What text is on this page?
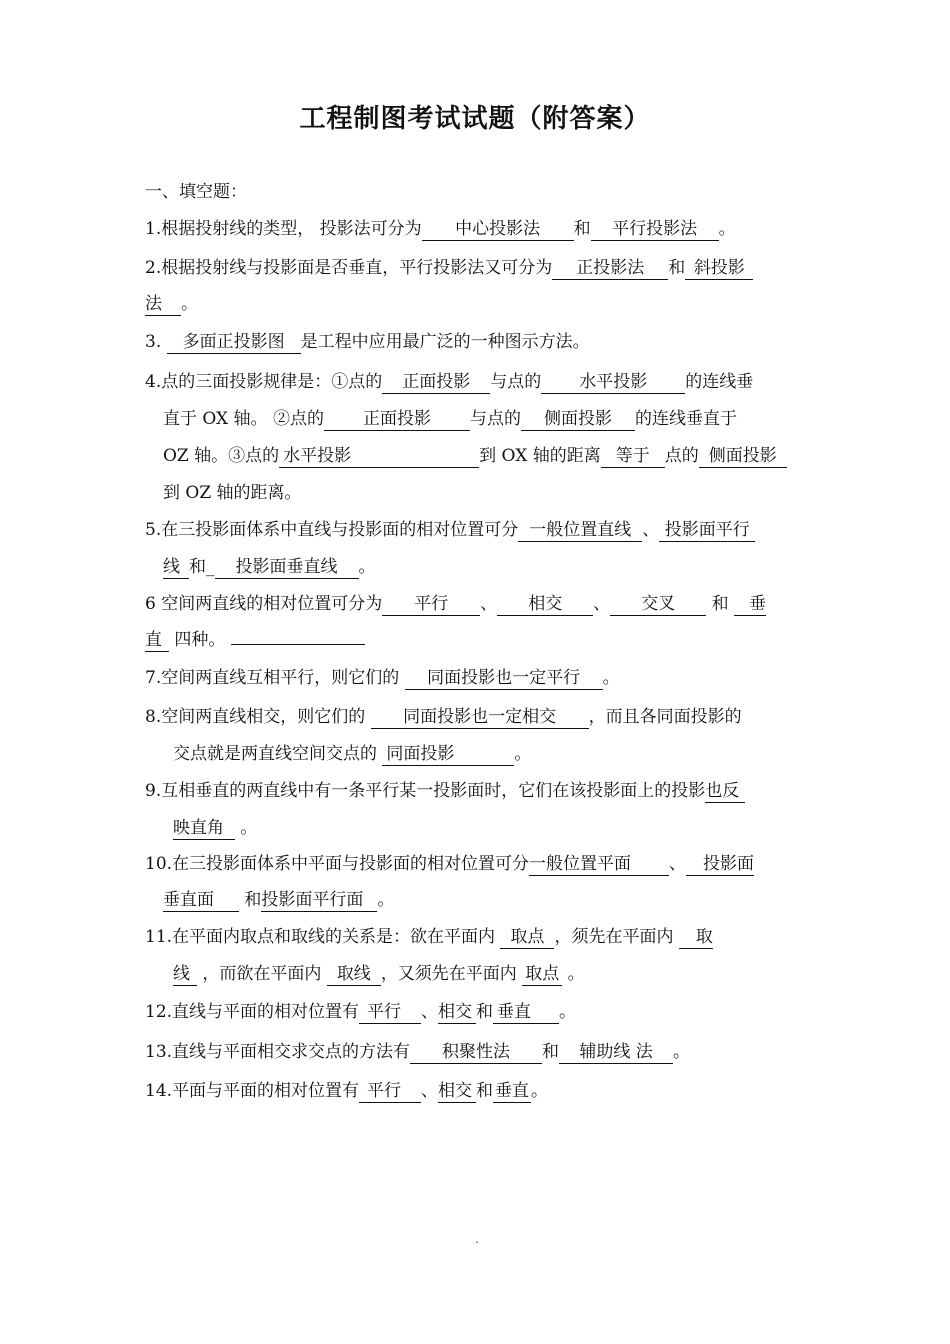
工程制图考试试题（附答案）
一、填空题：
1.根据投射线的类型， 投影法可分为 中心投影法 和 平行投影法 。
2.根据投射线与投影面是否垂直，平行投影法又可分为 正投影法 和 斜投影
法 。
3. 多面正投影图 是工程中应用最广泛的一种图示方法。
4.点的三面投影规律是：①点的 正面投影 与点的 水平投影 的连线垂
直于 OX 轴。 ②点的 正面投影 与点的 侧面投影 的连线垂直于
OZ 轴。③点的 水平投影	到 OX 轴的距离 等于 点的 侧面投影
到 OZ 轴的距离。
5.在三投影面体系中直线与投影面的相对位置可分 一般位置直线 、 投影面平行
线 和_ 投影面垂直线 。
6 空间两直线的相对位置可分为 平行 、 相交 、 交叉 和 垂
直 四种。
7.空间两直线互相平行，则它们的 同面投影也一定平行 。
8.空间两直线相交，则它们的 同面投影也一定相交 ，而且各同面投影的
交点就是两直线空间交点的 同面投影	。
9.互相垂直的两直线中有一条平行某一投影面时，它们在该投影面上的投影也反
映直角 。
10.在三投影面体系中平面与投影面的相对位置可分一般位置平面 、 投影面
垂直面 和投影面平行面 。
11.在平面内取点和取线的关系是：欲在平面内 取点 ，须先在平面内 取
线 ，而欲在平面内 取线 ，又须先在平面内 取点 。
12.直线与平面的相对位置有 平行 、相交 和 垂直 。
13.直线与平面相交求交点的方法有 积聚性法 和 辅助线 法 。
14.平面与平面的相对位置有 平行 、相交 和 垂直 。
.
